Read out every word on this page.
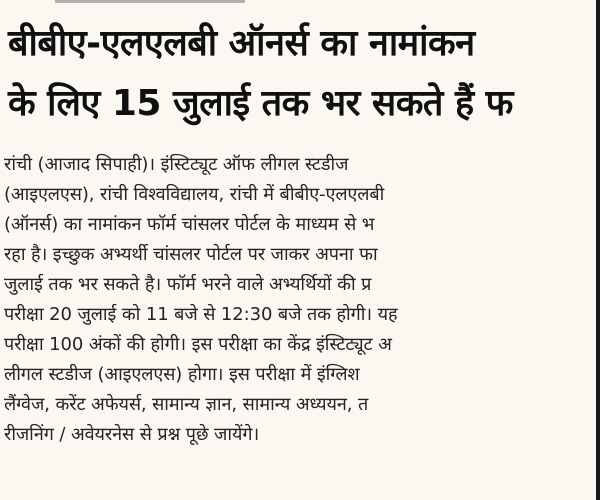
बीबीए-एलएलबी ऑनर्स का नामांकन
के लिए 15 जुलाई तक भर सकते हैं फ
रांची (आजाद सिपाही)। इंस्टिट्यूट ऑफ लीगल स्टडीज
(आइएलएस), रांची विश्वविद्यालय, रांची में बीबीए-एलएलबी
(ऑनर्स) का नामांकन फॉर्म चांसलर पोर्टल के माध्यम से भ
रहा है। इच्छुक अभ्यर्थी चांसलर पोर्टल पर जाकर अपना फा
जुलाई तक भर सकते है। फॉर्म भरने वाले अभ्यर्थियों की प्र
परीक्षा 20 जुलाई को 11 बजे से 12:30 बजे तक होगी। यह
परीक्षा 100 अंकों की होगी। इस परीक्षा का केंद्र इंस्टिट्यूट अ
लीगल स्टडीज (आइएलएस) होगा। इस परीक्षा में इंग्लिश
लैंग्वेज, करेंट अफेयर्स, सामान्य ज्ञान, सामान्य अध्ययन, त
रीजनिंग / अवेयरनेस से प्रश्न पूछे जायेंगे।
